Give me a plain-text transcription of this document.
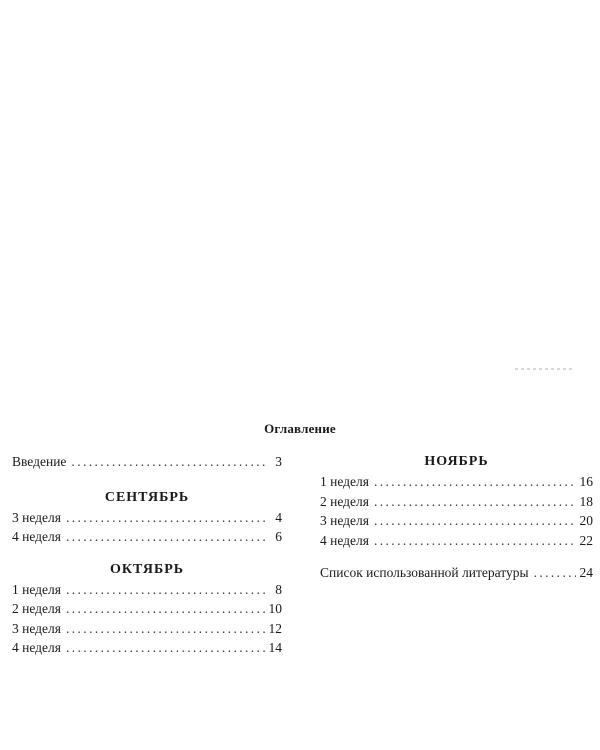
Оглавление
Введение .....	3
СЕНТЯБРЬ
3 неделя .....	4
4 неделя .....	6
ОКТЯБРЬ
1 неделя .....	8
2 неделя .....	10
3 неделя .....	12
4 неделя .....	14
НОЯБРЬ
1 неделя .....	16
2 неделя .....	18
3 неделя .....	20
4 неделя .....	22
Список использованной литературы .....	24
